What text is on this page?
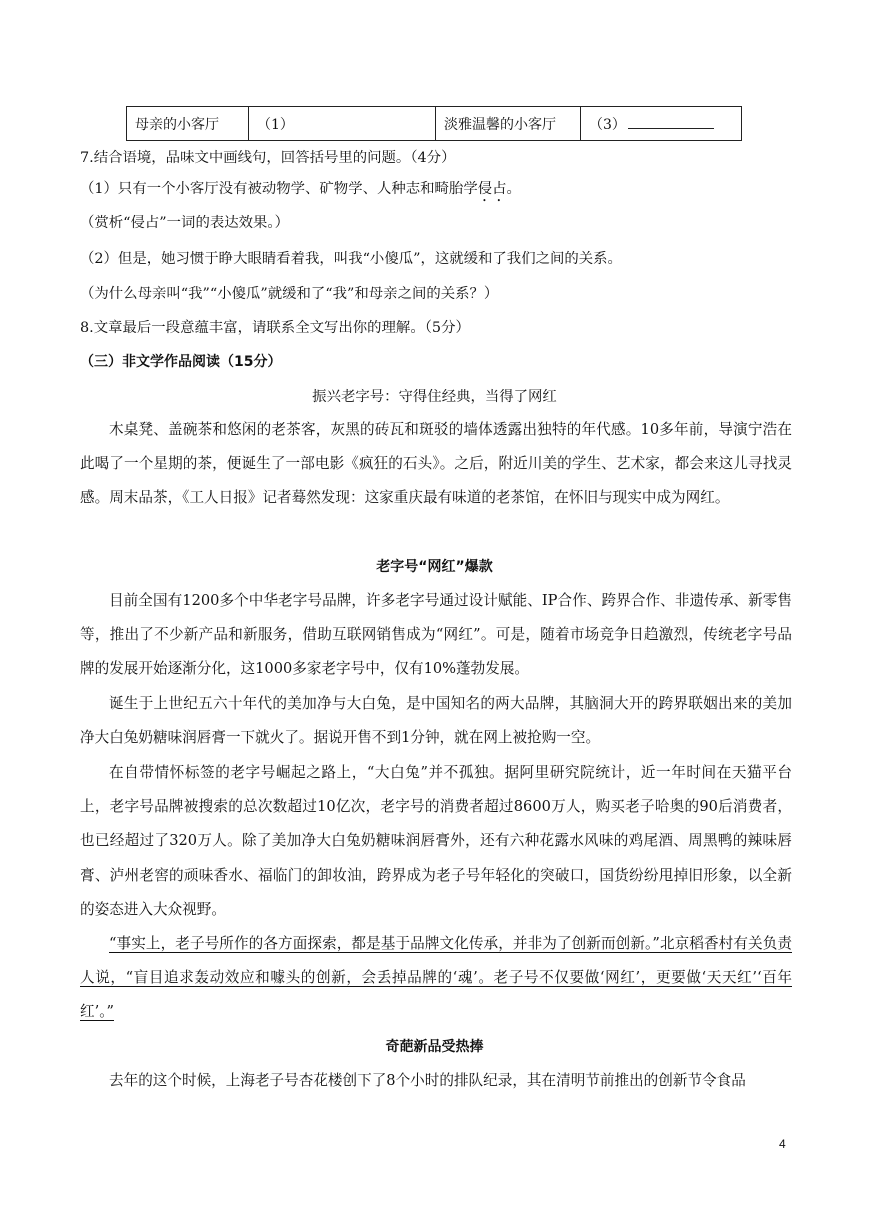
母亲的小客厅	（1）	淡雅温馨的小客厅	（3）
7.结合语境，品味文中画线句，回答括号里的问题。（4分）
（1）只有一个小客厅没有被动物学、矿物学、人种志和畸胎学侵占。
（赏析“侵占”一词的表达效果。）
（2）但是，她习惯于睁大眼睛看着我，叫我“小傻瓜”，这就缓和了我们之间的关系。
（为什么母亲叫“我”“小傻瓜”就缓和了“我”和母亲之间的关系？）
8.文章最后一段意蕴丰富，请联系全文写出你的理解。（5分）
（三）非文学作品阅读（15分）
振兴老字号：守得住经典，当得了网红
木桌凳、盖碗茶和悠闲的老茶客，灰黑的砖瓦和斑驳的墙体透露出独特的年代感。10多年前，导演宁浩在此喝了一个星期的茶，便诞生了一部电影《疯狂的石头》。之后，附近川美的学生、艺术家，都会来这儿寻找灵感。周末品茶，《工人日报》记者蓦然发现：这家重庆最有味道的老茶馆，在怀旧与现实中成为网红。
老字号“网红”爆款
目前全国有1200多个中华老字号品牌，许多老字号通过设计赋能、IP合作、跨界合作、非遗传承、新零售等，推出了不少新产品和新服务，借助互联网销售成为“网红”。可是，随着市场竞争日趋激烈，传统老字号品牌的发展开始逐渐分化，这1000多家老字号中，仅有10%蓬勃发展。
诞生于上世纪五六十年代的美加净与大白兔，是中国知名的两大品牌，其脑洞大开的跨界联姻出来的美加净大白兔奶糖味润唇膏一下就火了。据说开售不到1分钟，就在网上被抢购一空。
在自带情怀标签的老字号崛起之路上，“大白兔”并不孤独。据阿里研究院统计，近一年时间在天猫平台上，老字号品牌被搜索的总次数超过10亿次，老字号的消费者超过8600万人，购买老子哈奥的90后消费者，也已经超过了320万人。除了美加净大白兔奶糖味润唇膏外，还有六种花露水风味的鸡尾酒、周黑鸭的辣味唇膏、泸州老窖的顽味香水、福临门的卸妆油，跨界成为老子号年轻化的突破口，国货纷纷甩掉旧形象，以全新的姿态进入大众视野。
“事实上，老子号所作的各方面探索，都是基于品牌文化传承，并非为了创新而创新。”北京稻香村有关负责人说，“盲目追求轰动效应和噱头的创新，会丢掉品牌的‘魂’。老子号不仅要做‘网红’，更要做‘天天红’‘百年红’。”
奇葩新品受热捧
去年的这个时候，上海老子号杏花楼创下了8个小时的排队纪录，其在清明节前推出的创新节令食品
4
